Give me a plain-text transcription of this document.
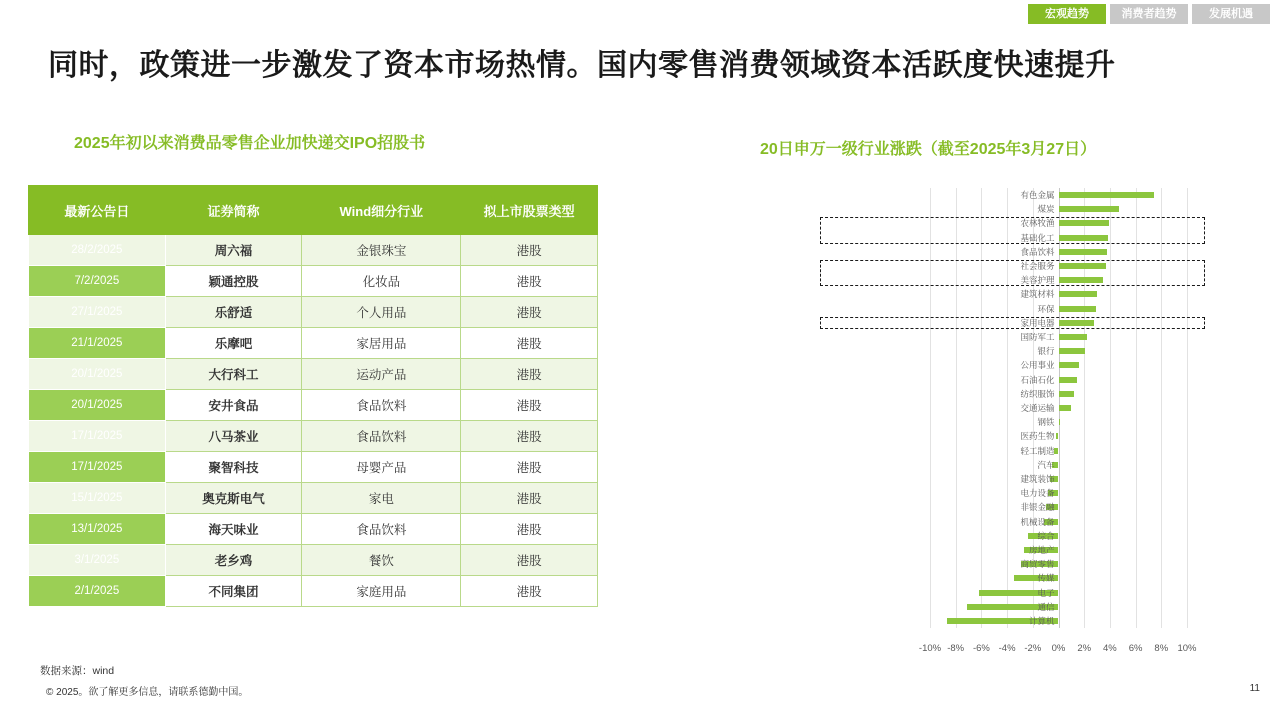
宏观趋势	消费者趋势	发展机遇
同时，政策进一步激发了资本市场热情。国内零售消费领域资本活跃度快速提升
2025年初以来消费品零售企业加快递交IPO招股书	20日申万一级行业涨跌（截至2025年3月27日）
最新公告日	证券简称	Wind细分行业	拟上市股票类型
28/2/2025	周六福	金银珠宝	港股
7/2/2025	颖通控股	化妆品	港股
27/1/2025	乐舒适	个人用品	港股
21/1/2025	乐摩吧	家居用品	港股
20/1/2025	大行科工	运动产品	港股
20/1/2025	安井食品	食品饮料	港股
17/1/2025	八马茶业	食品饮料	港股
17/1/2025	聚智科技	母婴产品	港股
15/1/2025	奥克斯电气	家电	港股
13/1/2025	海天味业	食品饮料	港股
3/1/2025	老乡鸡	餐饮	港股
2/1/2025	不同集团	家庭用品	港股
-10% -8% -6% -4% -2% 0% 2% 4% 6% 8% 10%
有色金属
煤炭
农林牧渔
基础化工
食品饮料
社会服务
美容护理
建筑材料
环保
家用电器
国防军工
银行
公用事业
石油石化
纺织服饰
交通运输
钢铁
医药生物
轻工制造
汽车
建筑装饰
电力设备
非银金融
机械设备
综合
房地产
商贸零售
传媒
电子
通信
计算机
数据来源：wind
© 2025。欲了解更多信息，请联系德勤中国。	11
